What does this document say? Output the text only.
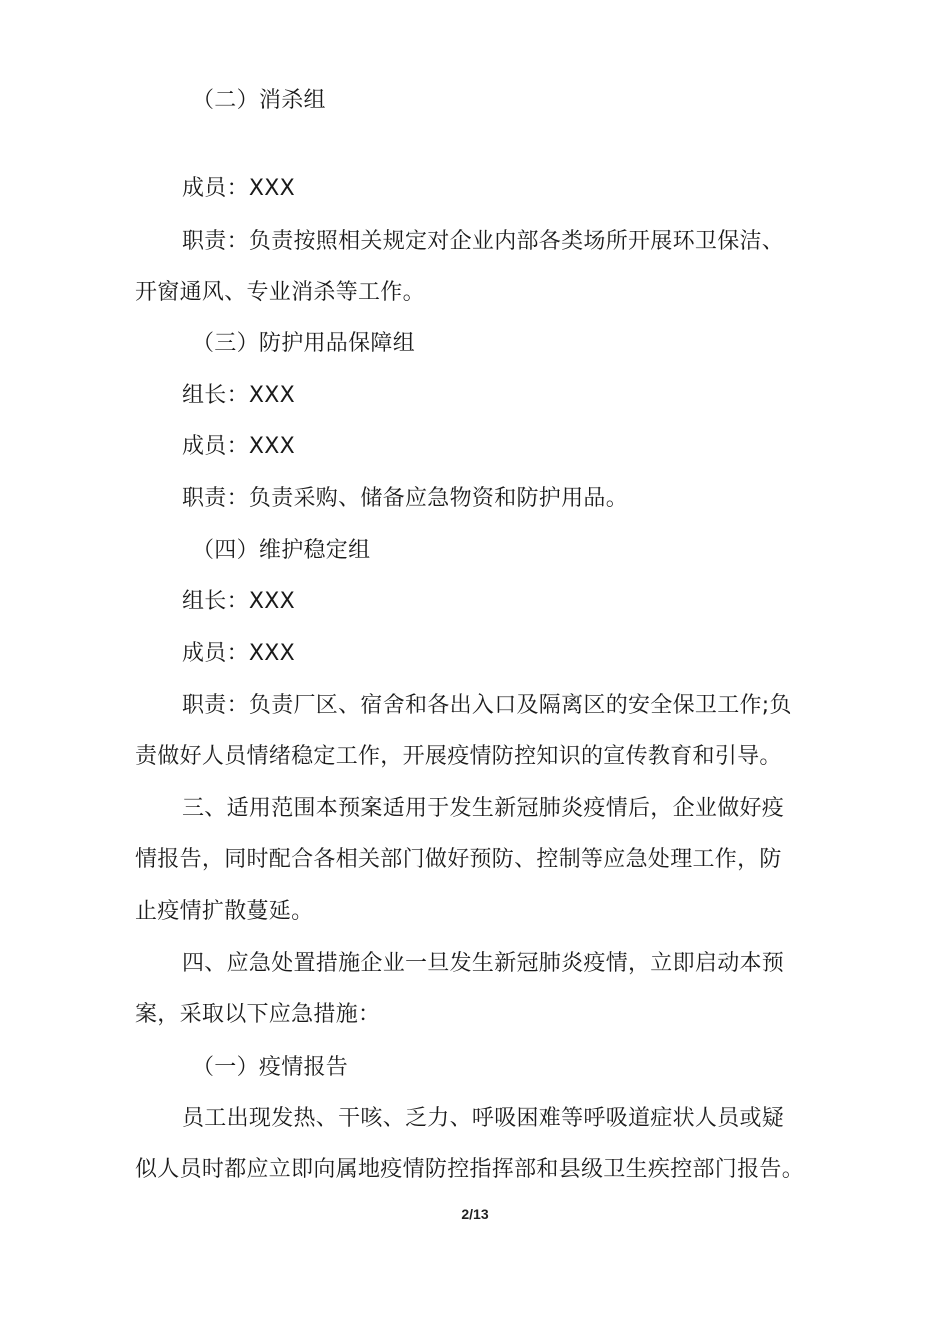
（二）消杀组
成员：XXX
职责：负责按照相关规定对企业内部各类场所开展环卫保洁、
开窗通风、专业消杀等工作。
（三）防护用品保障组
组长：XXX
成员：XXX
职责：负责采购、储备应急物资和防护用品。
（四）维护稳定组
组长：XXX
成员：XXX
职责：负责厂区、宿舍和各出入口及隔离区的安全保卫工作;负
责做好人员情绪稳定工作，开展疫情防控知识的宣传教育和引导。
三、适用范围本预案适用于发生新冠肺炎疫情后，企业做好疫
情报告，同时配合各相关部门做好预防、控制等应急处理工作，防
止疫情扩散蔓延。
四、应急处置措施企业一旦发生新冠肺炎疫情，立即启动本预
案，采取以下应急措施：
（一）疫情报告
员工出现发热、干咳、乏力、呼吸困难等呼吸道症状人员或疑
似人员时都应立即向属地疫情防控指挥部和县级卫生疾控部门报告。
2/13
